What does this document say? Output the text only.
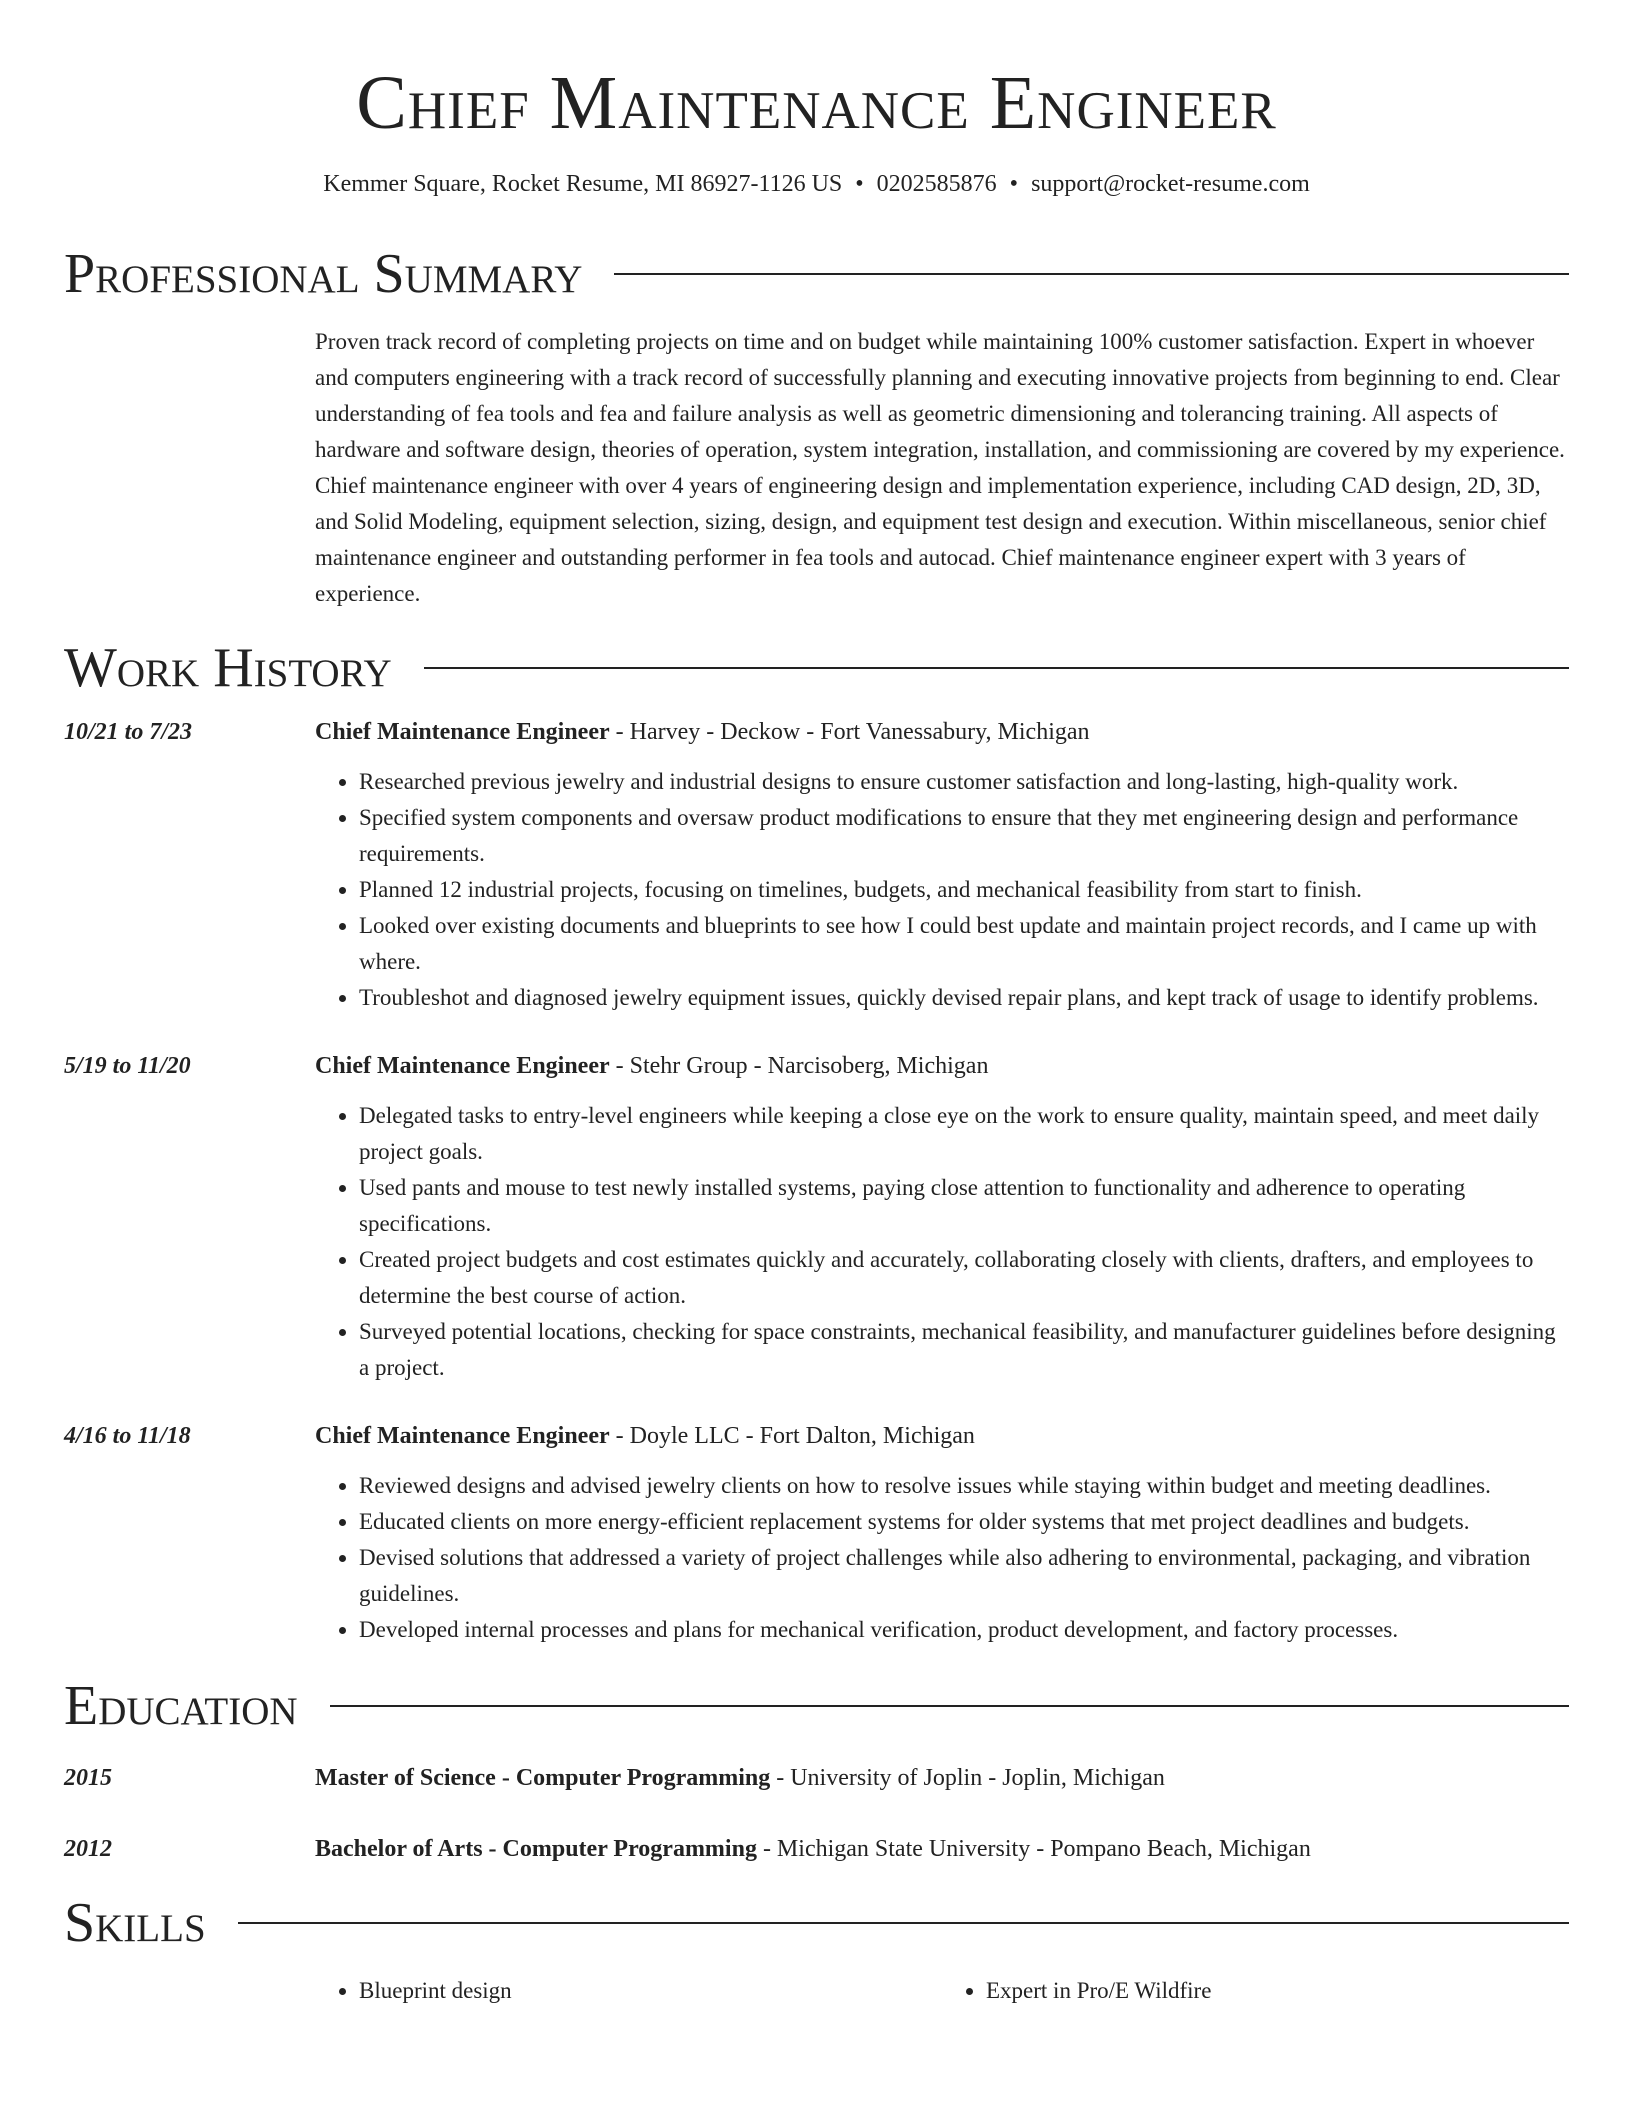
Chief Maintenance Engineer
Kemmer Square, Rocket Resume, MI 86927-1126 US • 0202585876 • support@rocket-resume.com
Professional Summary
Proven track record of completing projects on time and on budget while maintaining 100% customer satisfaction. Expert in whoever and computers engineering with a track record of successfully planning and executing innovative projects from beginning to end. Clear understanding of fea tools and fea and failure analysis as well as geometric dimensioning and tolerancing training. All aspects of hardware and software design, theories of operation, system integration, installation, and commissioning are covered by my experience. Chief maintenance engineer with over 4 years of engineering design and implementation experience, including CAD design, 2D, 3D, and Solid Modeling, equipment selection, sizing, design, and equipment test design and execution. Within miscellaneous, senior chief maintenance engineer and outstanding performer in fea tools and autocad. Chief maintenance engineer expert with 3 years of experience.
Work History
10/21 to 7/23	Chief Maintenance Engineer - Harvey - Deckow - Fort Vanessabury, Michigan
• Researched previous jewelry and industrial designs to ensure customer satisfaction and long-lasting, high-quality work.
• Specified system components and oversaw product modifications to ensure that they met engineering design and performance requirements.
• Planned 12 industrial projects, focusing on timelines, budgets, and mechanical feasibility from start to finish.
• Looked over existing documents and blueprints to see how I could best update and maintain project records, and I came up with where.
• Troubleshot and diagnosed jewelry equipment issues, quickly devised repair plans, and kept track of usage to identify problems.
5/19 to 11/20	Chief Maintenance Engineer - Stehr Group - Narcisoberg, Michigan
• Delegated tasks to entry-level engineers while keeping a close eye on the work to ensure quality, maintain speed, and meet daily project goals.
• Used pants and mouse to test newly installed systems, paying close attention to functionality and adherence to operating specifications.
• Created project budgets and cost estimates quickly and accurately, collaborating closely with clients, drafters, and employees to determine the best course of action.
• Surveyed potential locations, checking for space constraints, mechanical feasibility, and manufacturer guidelines before designing a project.
4/16 to 11/18	Chief Maintenance Engineer - Doyle LLC - Fort Dalton, Michigan
• Reviewed designs and advised jewelry clients on how to resolve issues while staying within budget and meeting deadlines.
• Educated clients on more energy-efficient replacement systems for older systems that met project deadlines and budgets.
• Devised solutions that addressed a variety of project challenges while also adhering to environmental, packaging, and vibration guidelines.
• Developed internal processes and plans for mechanical verification, product development, and factory processes.
Education
2015	Master of Science - Computer Programming - University of Joplin - Joplin, Michigan
2012	Bachelor of Arts - Computer Programming - Michigan State University - Pompano Beach, Michigan
Skills
• Blueprint design
•	Expert in Pro/E Wildfire
